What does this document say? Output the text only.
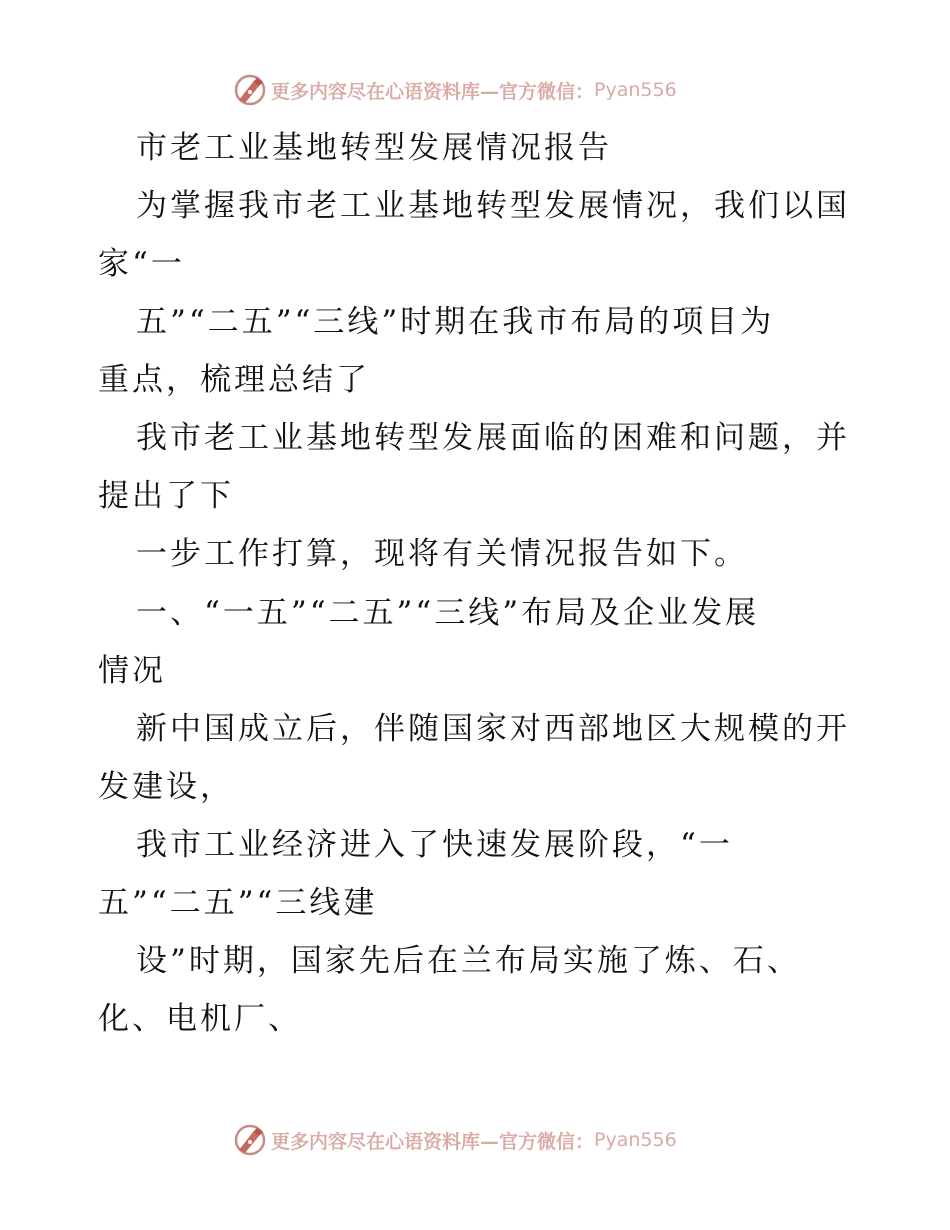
更多内容尽在心语资料库—官方微信： Pyan556
市老工业基地转型发展情况报告
为掌握我市老工业基地转型发展情况，我们以国
家“一
五”“二五”“三线”时期在我市布局的项目为
重点，梳理总结了
我市老工业基地转型发展面临的困难和问题，并
提出了下
一步工作打算，现将有关情况报告如下。
一、“一五”“二五”“三线”布局及企业发展
情况
新中国成立后，伴随国家对西部地区大规模的开
发建设，
我市工业经济进入了快速发展阶段，“一
五”“二五”“三线建
设”时期，国家先后在兰布局实施了炼、石、
化、电机厂、
更多内容尽在心语资料库—官方微信： Pyan556
